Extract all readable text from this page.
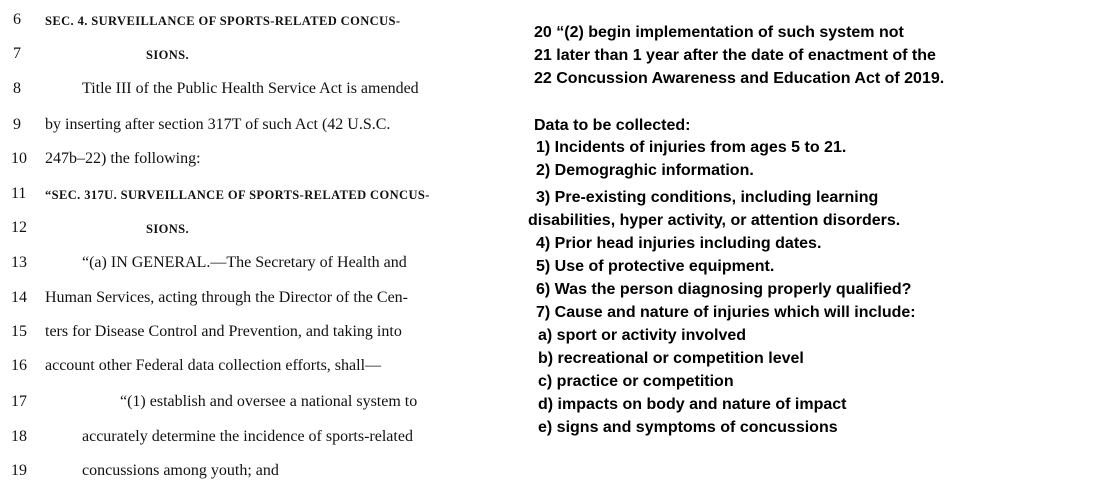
6	SEC. 4. SURVEILLANCE OF SPORTS-RELATED CONCUS-
7	SIONS.
8	Title III of the Public Health Service Act is amended
9	by inserting after section 317T of such Act (42 U.S.C.
10	247b–22) the following:
11	“SEC. 317U. SURVEILLANCE OF SPORTS-RELATED CONCUS-
12	SIONS.
13	“(a) IN GENERAL.—The Secretary of Health and
14	Human Services, acting through the Director of the Cen-
15	ters for Disease Control and Prevention, and taking into
16	account other Federal data collection efforts, shall—
17	“(1) establish and oversee a national system to
18	accurately determine the incidence of sports-related
19	concussions among youth; and
20 “(2) begin implementation of such system not
21 later than 1 year after the date of enactment of the
22 Concussion Awareness and Education Act of 2019.
Data to be collected:
1) Incidents of injuries from ages 5 to 21.
2) Demograghic information.
3) Pre-existing conditions, including learning
disabilities, hyper activity, or attention disorders.
4) Prior head injuries including dates.
5) Use of protective equipment.
6) Was the person diagnosing properly qualified?
7) Cause and nature of injuries which will include:
a) sport or activity involved
b) recreational or competition level
c) practice or competition
d) impacts on body and nature of impact
e) signs and symptoms of concussions
